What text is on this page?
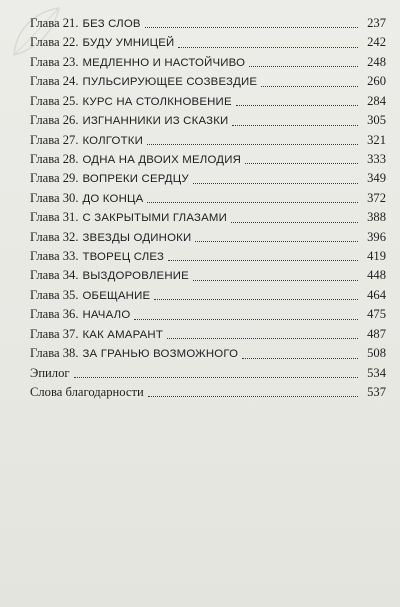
Глава 21. БЕЗ СЛОВ	237
Глава 22. БУДУ УМНИЦЕЙ	242
Глава 23. МЕДЛЕННО И НАСТОЙЧИВО	248
Глава 24. ПУЛЬСИРУЮЩЕЕ СОЗВЕЗДИЕ	260
Глава 25. КУРС НА СТОЛКНОВЕНИЕ	284
Глава 26. ИЗГНАННИКИ ИЗ СКАЗКИ	305
Глава 27. КОЛГОТКИ	321
Глава 28. ОДНА НА ДВОИХ МЕЛОДИЯ	333
Глава 29. ВОПРЕКИ СЕРДЦУ	349
Глава 30. ДО КОНЦА	372
Глава 31. С ЗАКРЫТЫМИ ГЛАЗАМИ	388
Глава 32. ЗВЕЗДЫ ОДИНОКИ	396
Глава 33. ТВОРЕЦ СЛЕЗ	419
Глава 34. ВЫЗДОРОВЛЕНИЕ	448
Глава 35. ОБЕЩАНИЕ	464
Глава 36. НАЧАЛО	475
Глава 37. КАК АМАРАНТ	487
Глава 38. ЗА ГРАНЬЮ ВОЗМОЖНОГО	508
Эпилог	534
Слова благодарности	537
